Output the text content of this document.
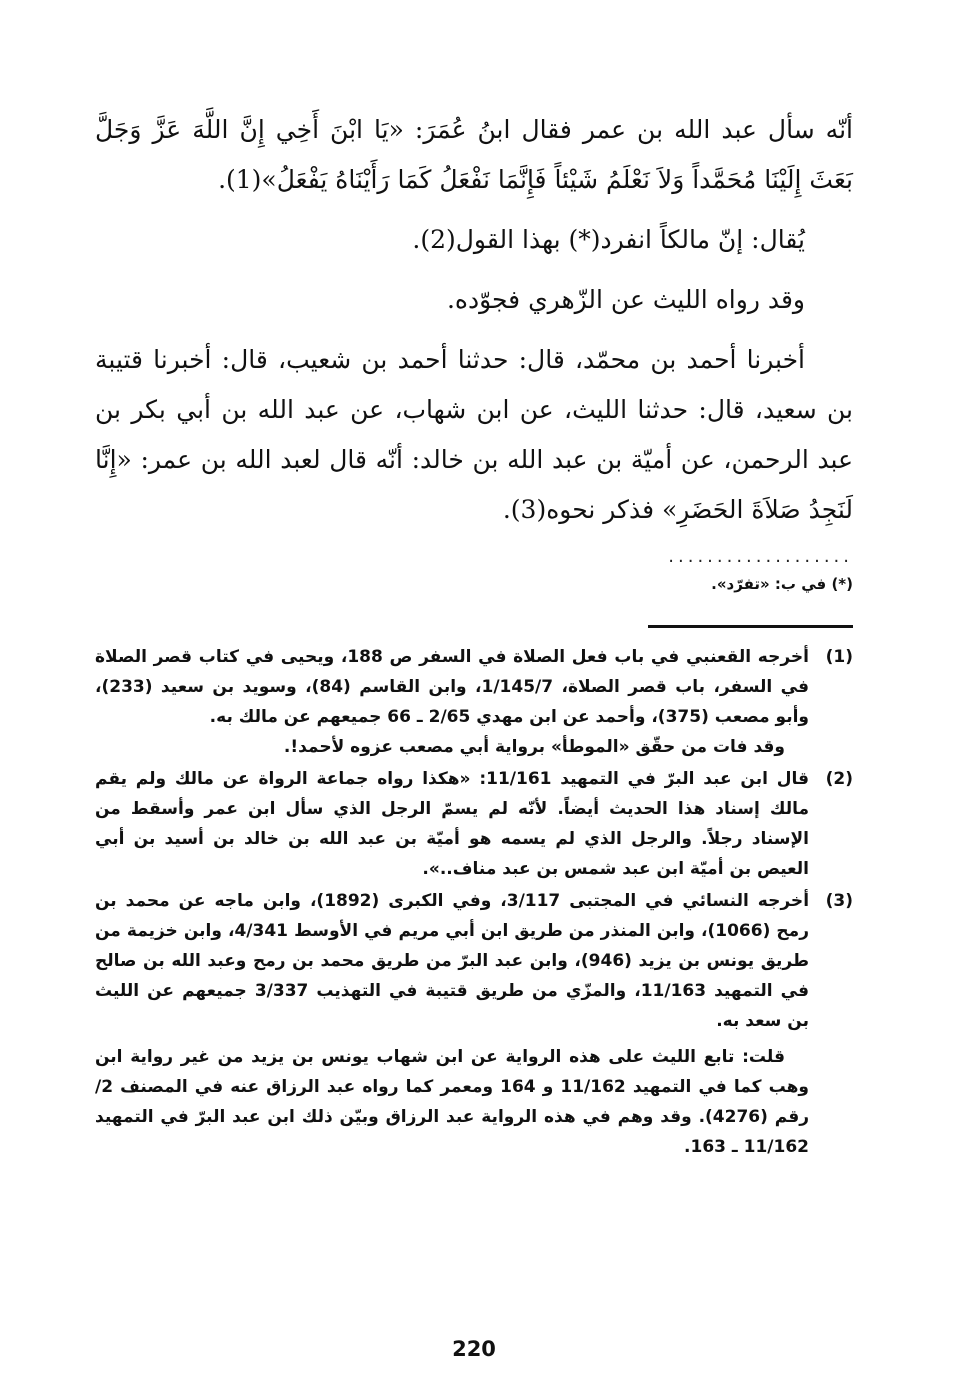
أنّه سأل عبد الله بن عمر فقال ابنُ عُمَرَ: «يَا ابْنَ أَخِي إِنَّ اللَّهَ عَزَّ وَجَلَّ بَعَثَ إِلَيْنَا مُحَمَّداً وَلاَ نَعْلَمُ شَيْئاً فَإِنَّمَا نَفْعَلُ كَمَا رَأَيْنَاهُ يَفْعَلُ»(1).

يُقال: إنّ مالكاً انفرد(*) بهذا القول(2).

وقد رواه الليث عن الزّهري فجوّده.

أخبرنا أحمد بن محمّد، قال: حدثنا أحمد بن شعيب، قال: أخبرنا قتيبة بن سعيد، قال: حدثنا الليث، عن ابن شهاب، عن عبد الله بن أبي بكر بن عبد الرحمن، عن أميّة بن عبد الله بن خالد: أنّه قال لعبد الله بن عمر: «إِنَّا لَنَجِدُ صَلاَةَ الحَضَرِ» فذكر نحوه(3).

...................
(*) في ب: «تفرّد».
(1)

أخرجه القعنبي في باب فعل الصلاة في السفر ص 188، ويحيى في كتاب قصر الصلاة في السفر، باب قصر الصلاة، 1/145/7، وابن القاسم (84)، وسويد بن سعيد (233)، وأبو مصعب (375)، وأحمد عن ابن مهدي 2/65 ـ 66 جميعهم عن مالك به.

وقد فات من حقّق «الموطأ» برواية أبي مصعب عزوه لأحمد!.

(2)

قال ابن عبد البرّ في التمهيد 11/161: «هكذا رواه جماعة الرواة عن مالك ولم يقم مالك إسناد هذا الحديث أيضاً. لأنّه لم يسمّ الرجل الذي سأل ابن عمر وأسقط من الإسناد رجلاً. والرجل الذي لم يسمه هو أميّة بن عبد الله بن خالد بن أسيد بن أبي العيص بن أميّة ابن عبد شمس بن عبد مناف..».

(3)

أخرجه النسائي في المجتبى 3/117، وفي الكبرى (1892)، وابن ماجه عن محمد بن رمح (1066)، وابن المنذر من طريق ابن أبي مريم في الأوسط 4/341، وابن خزيمة من طريق يونس بن يزيد (946)، وابن عبد البرّ من طريق محمد بن رمح وعبد الله بن صالح في التمهيد 11/163، والمزّي من طريق قتيبة في التهذيب 3/337 جميعهم عن الليث بن سعد به.

قلت: تابع الليث على هذه الرواية عن ابن شهاب يونس بن يزيد من غير رواية ابن وهب كما في التمهيد 11/162 و 164 ومعمر كما رواه عبد الرزاق عنه في المصنف 2/ رقم (4276). وقد وهم في هذه الرواية عبد الرزاق وبيّن ذلك ابن عبد البرّ في التمهيد 11/162 ـ 163.
220
